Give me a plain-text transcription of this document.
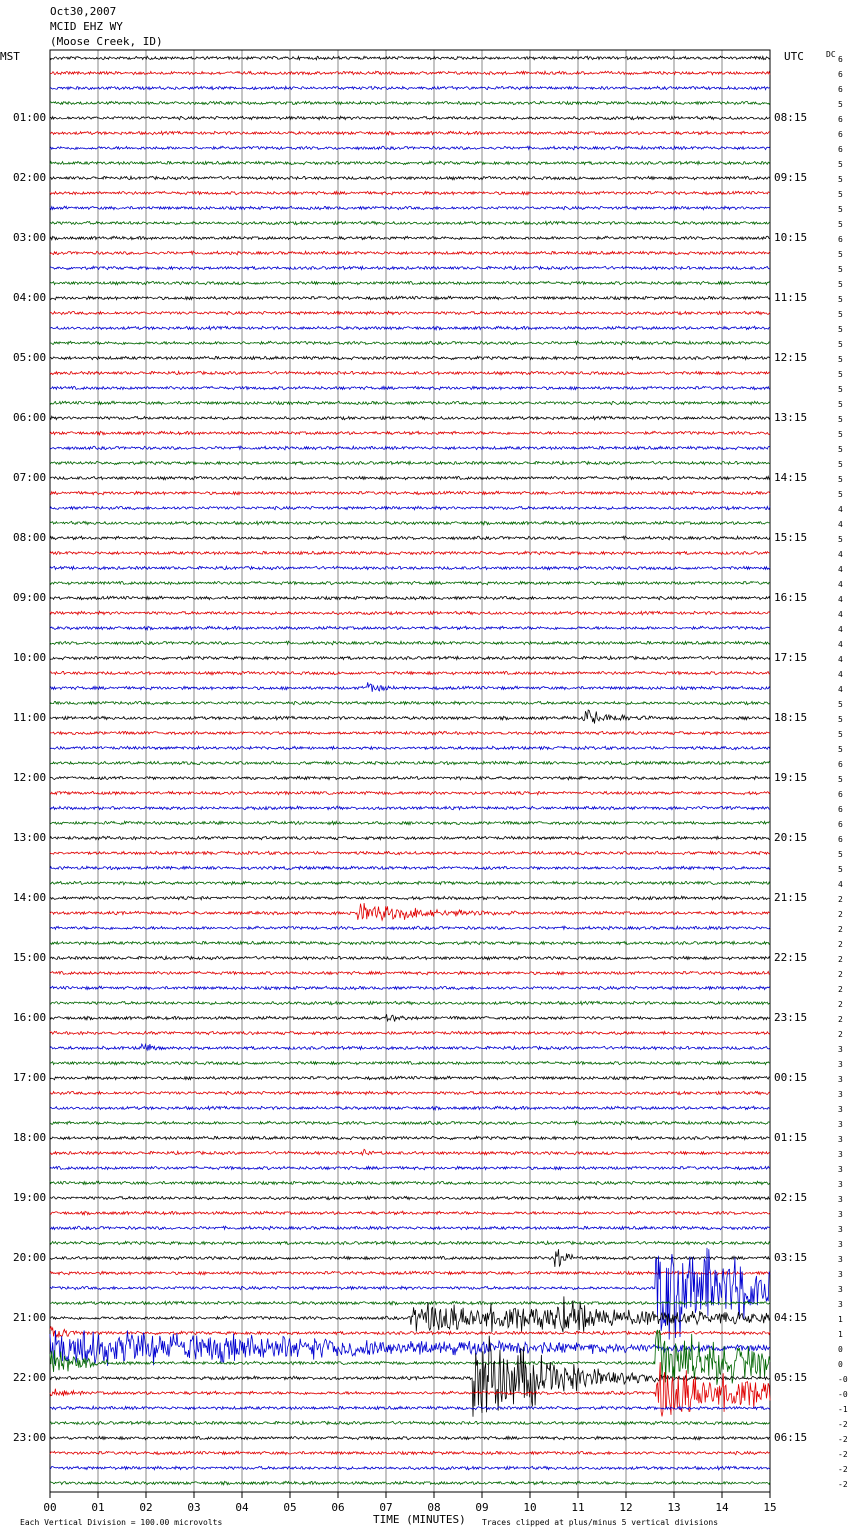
00	01	02	03	04	05	06	07	08	09	10	11	12	13	14	15
Oct30,2007
MCID EHZ WY
(Moose Creek, ID)
MST	UTC	DC
01:00
02:00
03:00
04:00
05:00
06:00
07:00
08:00
09:00
10:00
11:00
12:00
13:00
14:00
15:00
16:00
17:00
18:00
19:00
20:00
21:00
22:00
23:00
08:15
09:15
10:15
11:15
12:15
13:15
14:15
15:15
16:15
17:15
18:15
19:15
20:15
21:15
22:15
23:15
00:15
01:15
02:15
03:15
04:15
05:15
06:15
6
6
6
5
6
6
6
5
5
5
5
5
6
5
5
5
5
5
5
5
5
5
5
5
5
5
5
5
5
5
4
4
5
4
4
4
4
4
4
4
4
4
4
5
5
5
5
6
5
6
6
6
6
5
5
4
2
2
2
2
2
2
2
2
2
2
3
3
3
3
3
3
3
3
3
3
3
3
3
3
3
3
3
3
1
1
0
0
-0
-0
-1
-2
-2
-2
-2
-2
Each Vertical Division = 100.00 microvolts	TIME (MINUTES) Traces clipped at plus/minus 5 vertical divisions
